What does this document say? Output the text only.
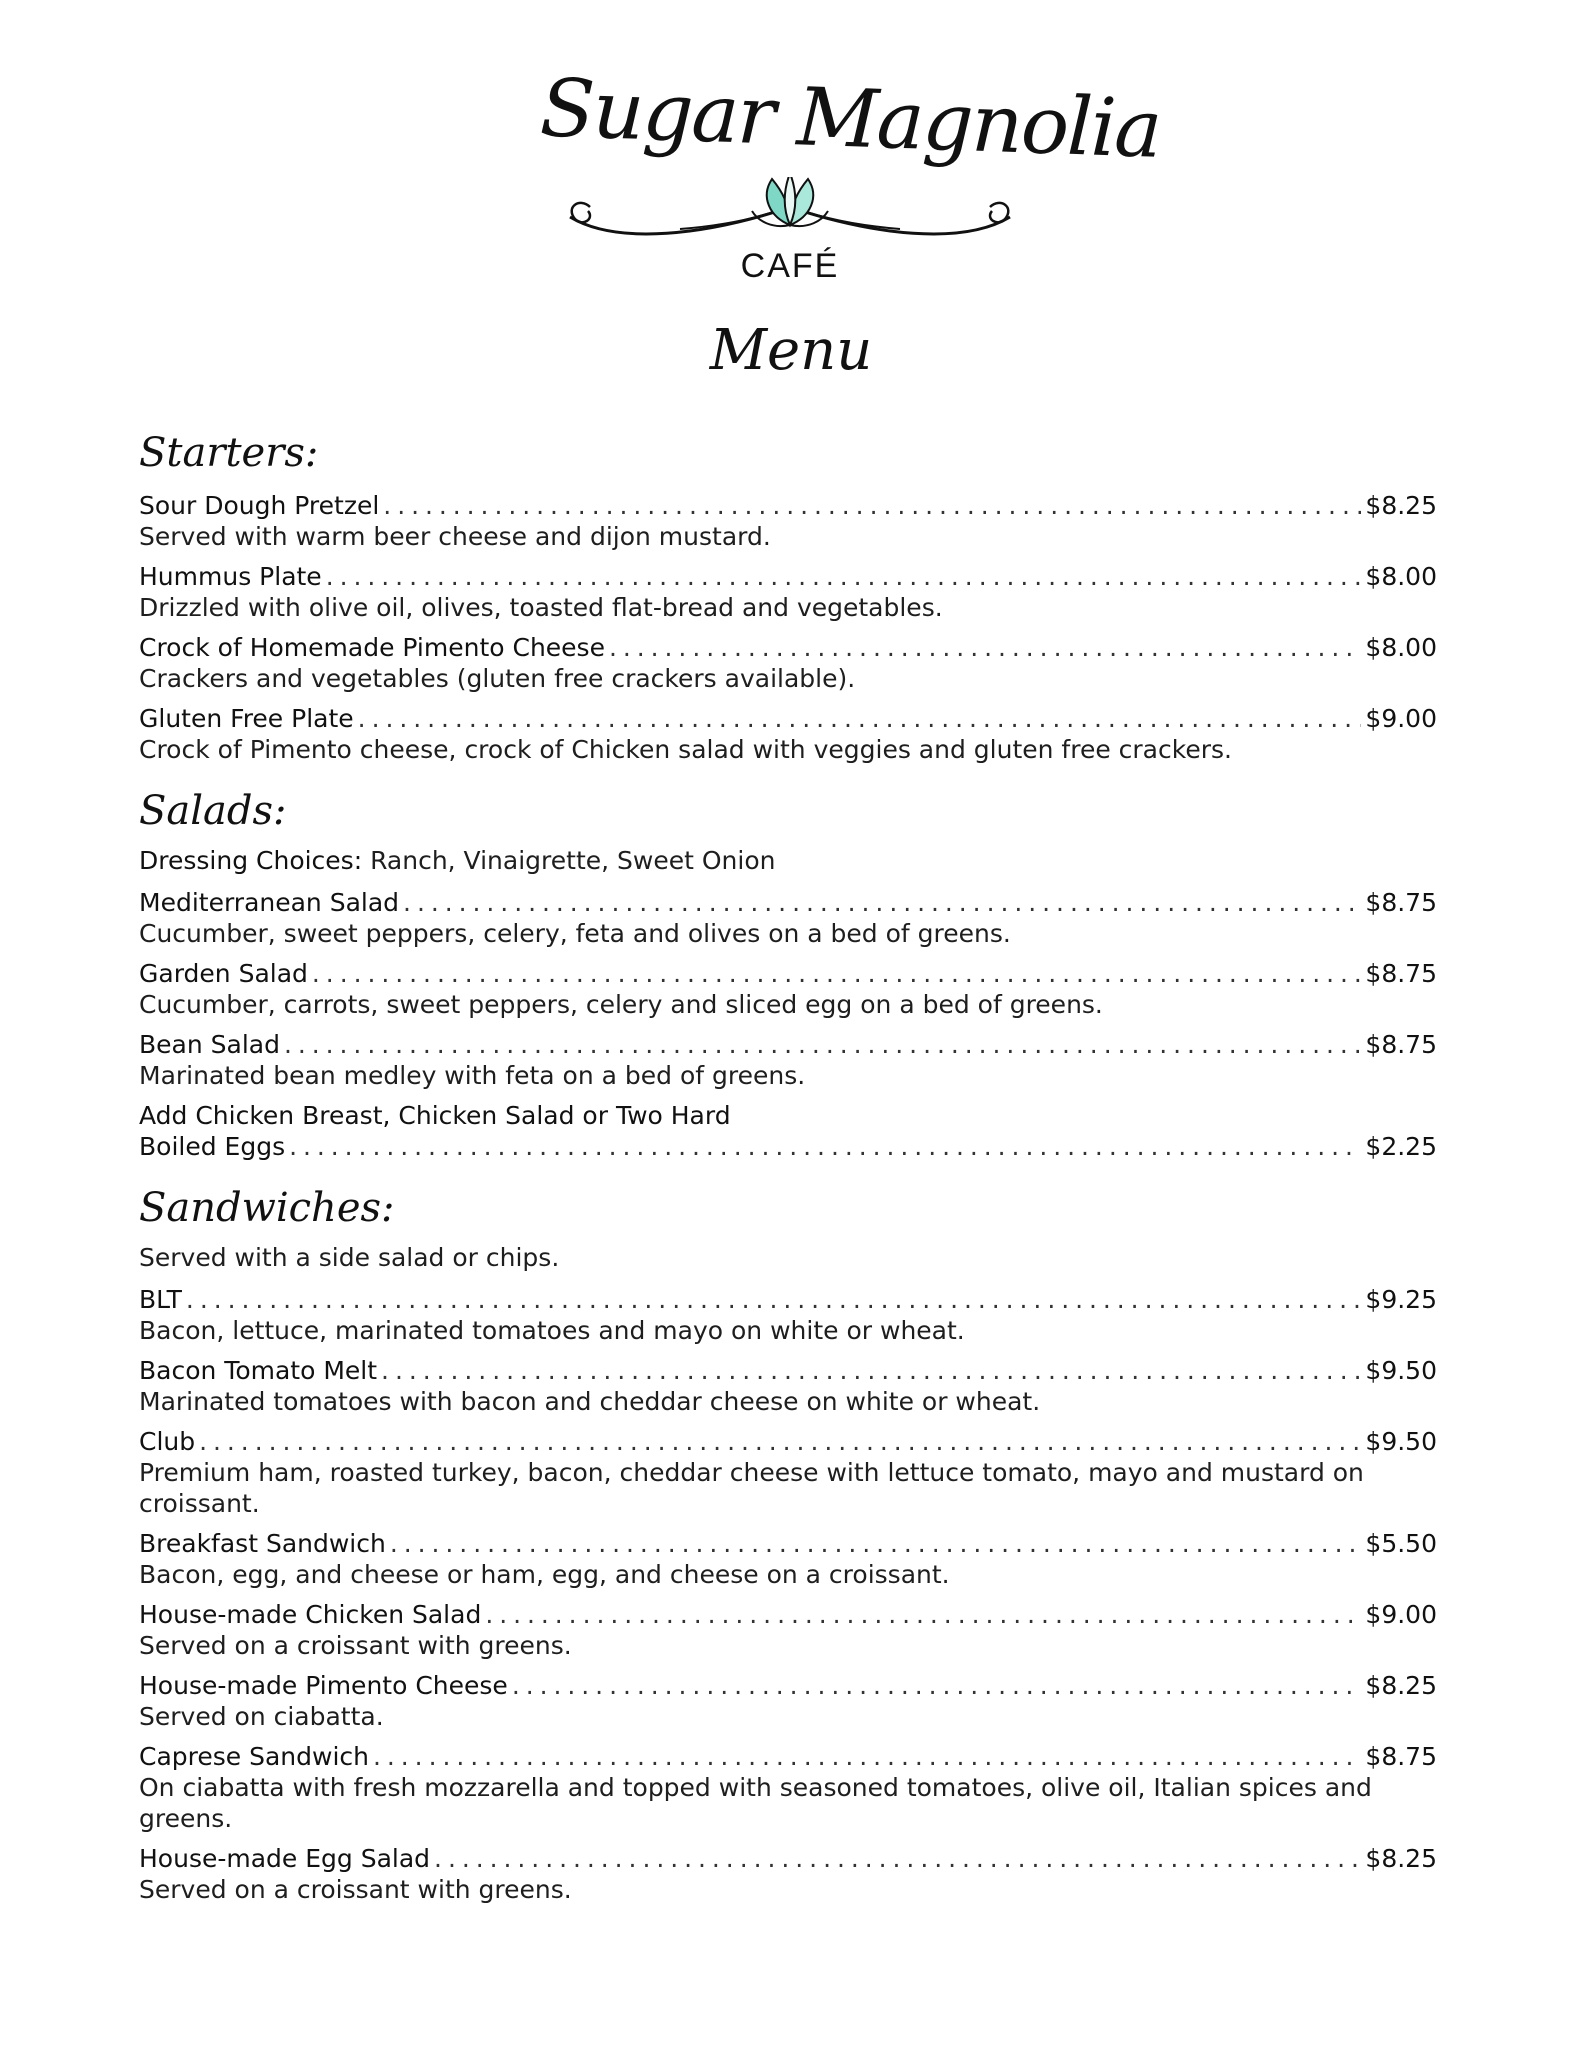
Sugar Magnolia
CAFÉ
Menu
Starters:
Sour Dough Pretzel . . .	$8.25
Served with warm beer cheese and dijon mustard.
Hummus Plate . . .	$8.00
Drizzled with olive oil, olives, toasted flat-bread and vegetables.
Crock of Homemade Pimento Cheese . . .	$8.00
Crackers and vegetables (gluten free crackers available).
Gluten Free Plate . . .	$9.00
Crock of Pimento cheese, crock of Chicken salad with veggies and gluten free crackers.
Salads:
Dressing Choices: Ranch, Vinaigrette, Sweet Onion
Mediterranean Salad . . .	$8.75
Cucumber, sweet peppers, celery, feta and olives on a bed of greens.
Garden Salad . . .	$8.75
Cucumber, carrots, sweet peppers, celery and sliced egg on a bed of greens.
Bean Salad . . .	$8.75
Marinated bean medley with feta on a bed of greens.
Add Chicken Breast, Chicken Salad or Two Hard
Boiled Eggs . . .	$2.25
Sandwiches:
Served with a side salad or chips.
BLT . . .	$9.25
Bacon, lettuce, marinated tomatoes and mayo on white or wheat.
Bacon Tomato Melt . . .	$9.50
Marinated tomatoes with bacon and cheddar cheese on white or wheat.
Club . . .	$9.50
Premium ham, roasted turkey, bacon, cheddar cheese with lettuce tomato, mayo and mustard on croissant.
Breakfast Sandwich . . .	$5.50
Bacon, egg, and cheese or ham, egg, and cheese on a croissant.
House-made Chicken Salad . . .	$9.00
Served on a croissant with greens.
House-made Pimento Cheese . . .	$8.25
Served on ciabatta.
Caprese Sandwich . . .	$8.75
On ciabatta with fresh mozzarella and topped with seasoned tomatoes, olive oil, Italian spices and greens.
House-made Egg Salad . . .	$8.25
Served on a croissant with greens.
